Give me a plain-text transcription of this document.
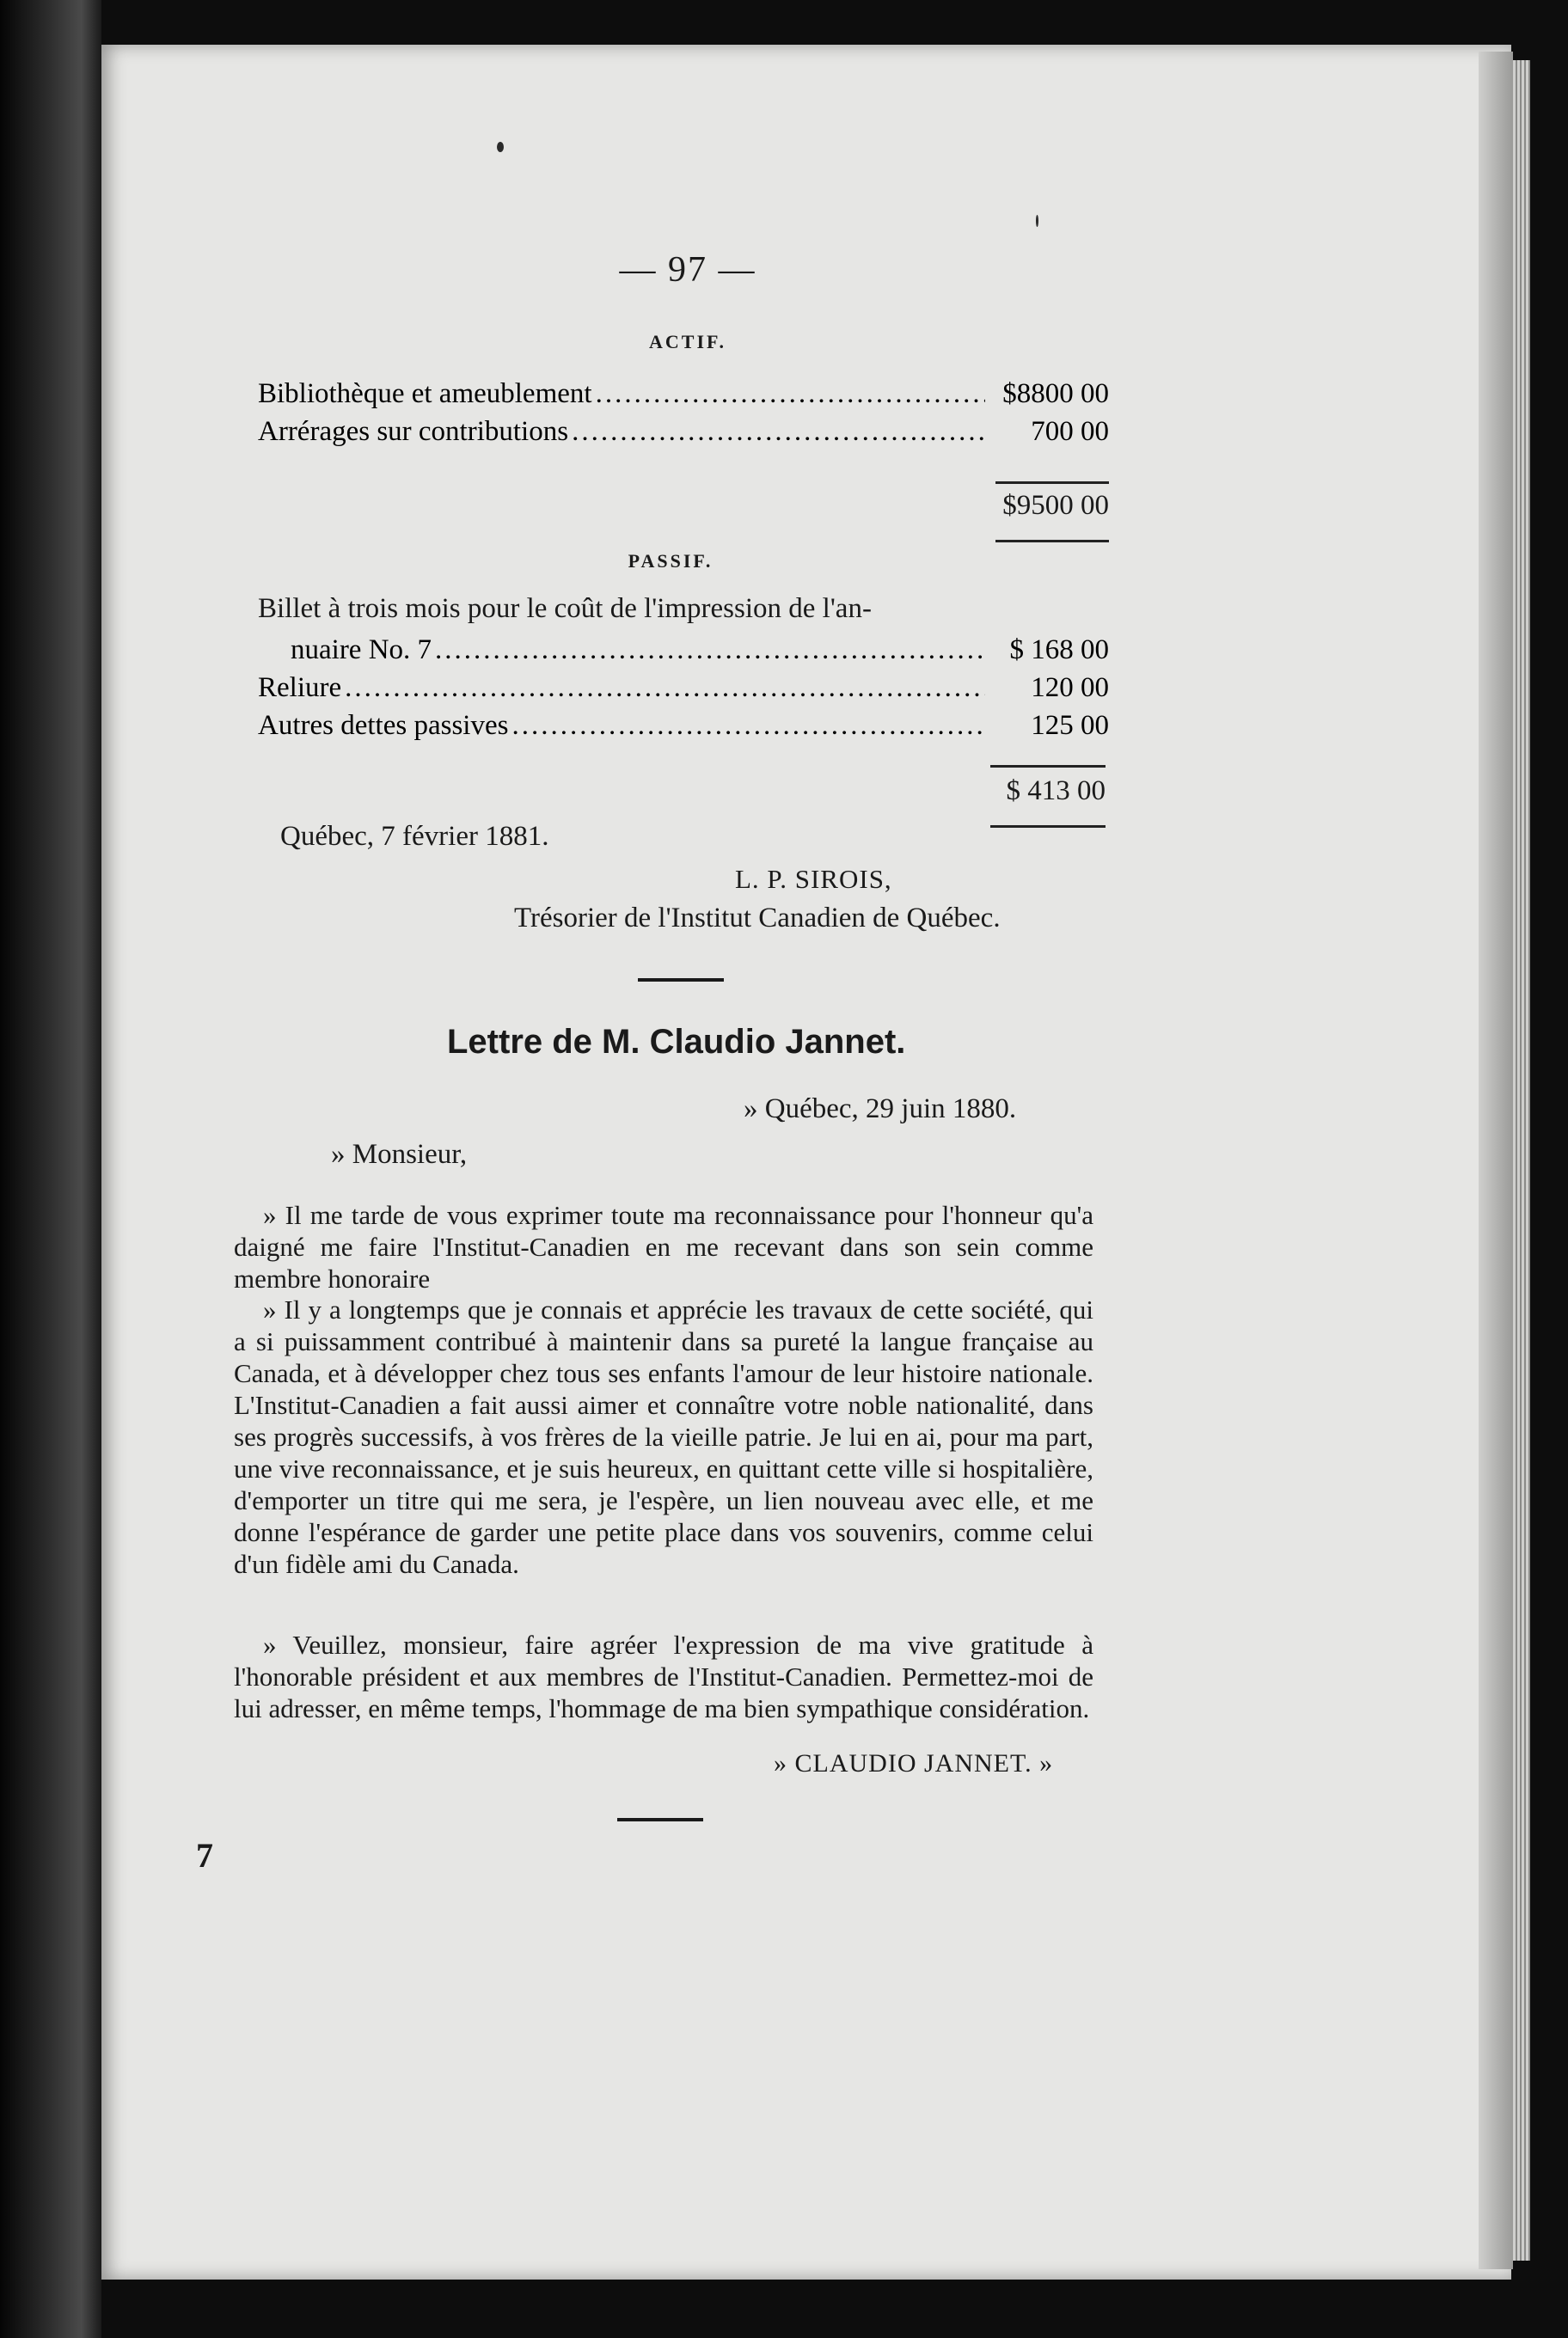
— 97 —
ACTIF.
Bibliothèque et ameublement .....	$8800 00
Arrérages sur contributions .....	700 00
$9500 00
PASSIF.
Billet à trois mois pour le coût de l'impression de l'an-
nuaire No. 7 .....	$ 168 00
Reliure .....	120 00
Autres dettes passives .....	125 00
$ 413 00
Québec, 7 février 1881.
L. P. SIROIS,
Trésorier de l'Institut Canadien de Québec.
Lettre de M. Claudio Jannet.
» Québec, 29 juin 1880.
» Monsieur,
» Il me tarde de vous exprimer toute ma reconnaissance pour l'honneur qu'a daigné me faire l'Institut-Canadien en me recevant dans son sein comme membre honoraire
» Il y a longtemps que je connais et apprécie les travaux de cette société, qui a si puissamment contribué à maintenir dans sa pureté la langue française au Canada, et à développer chez tous ses enfants l'amour de leur histoire nationale. L'Institut-Canadien a fait aussi aimer et connaître votre noble nationalité, dans ses progrès successifs, à vos frères de la vieille patrie. Je lui en ai, pour ma part, une vive reconnaissance, et je suis heureux, en quittant cette ville si hospitalière, d'emporter un titre qui me sera, je l'espère, un lien nouveau avec elle, et me donne l'espérance de garder une petite place dans vos souvenirs, comme celui d'un fidèle ami du Canada.
» Veuillez, monsieur, faire agréer l'expression de ma vive gratitude à l'honorable président et aux membres de l'Institut-Canadien. Permettez-moi de lui adresser, en même temps, l'hommage de ma bien sympathique considération.
» CLAUDIO JANNET. »
7
